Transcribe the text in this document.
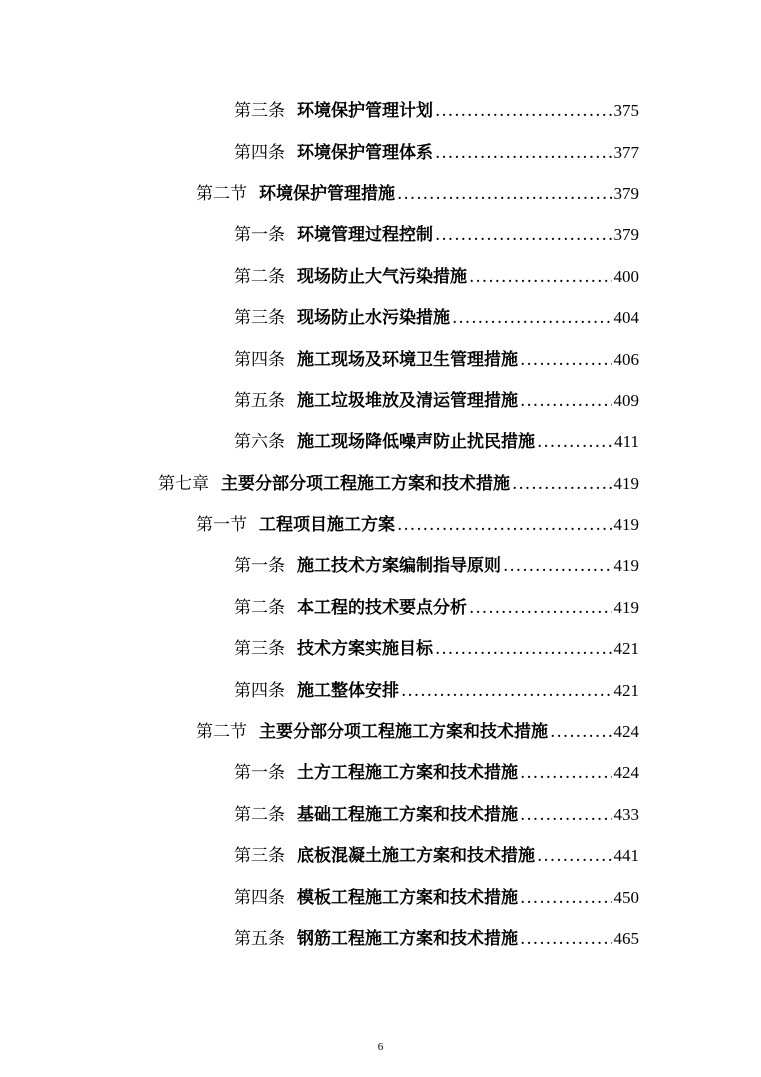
第三条 环境保护管理计划 .....	375
第四条 环境保护管理体系 .....	377
第二节 环境保护管理措施 .....	379
第一条 环境管理过程控制 .....	379
第二条 现场防止大气污染措施 .....	400
第三条 现场防止水污染措施 .....	404
第四条 施工现场及环境卫生管理措施 .....	406
第五条 施工垃圾堆放及清运管理措施 .....	409
第六条 施工现场降低噪声防止扰民措施 .....	411
第七章 主要分部分项工程施工方案和技术措施 .....	419
第一节 工程项目施工方案 .....	419
第一条 施工技术方案编制指导原则 .....	419
第二条 本工程的技术要点分析 .....	419
第三条 技术方案实施目标 .....	421
第四条 施工整体安排 .....	421
第二节 主要分部分项工程施工方案和技术措施 .....	424
第一条 土方工程施工方案和技术措施 .....	424
第二条 基础工程施工方案和技术措施 .....	433
第三条 底板混凝土施工方案和技术措施 .....	441
第四条 模板工程施工方案和技术措施 .....	450
第五条 钢筋工程施工方案和技术措施 .....	465
6
